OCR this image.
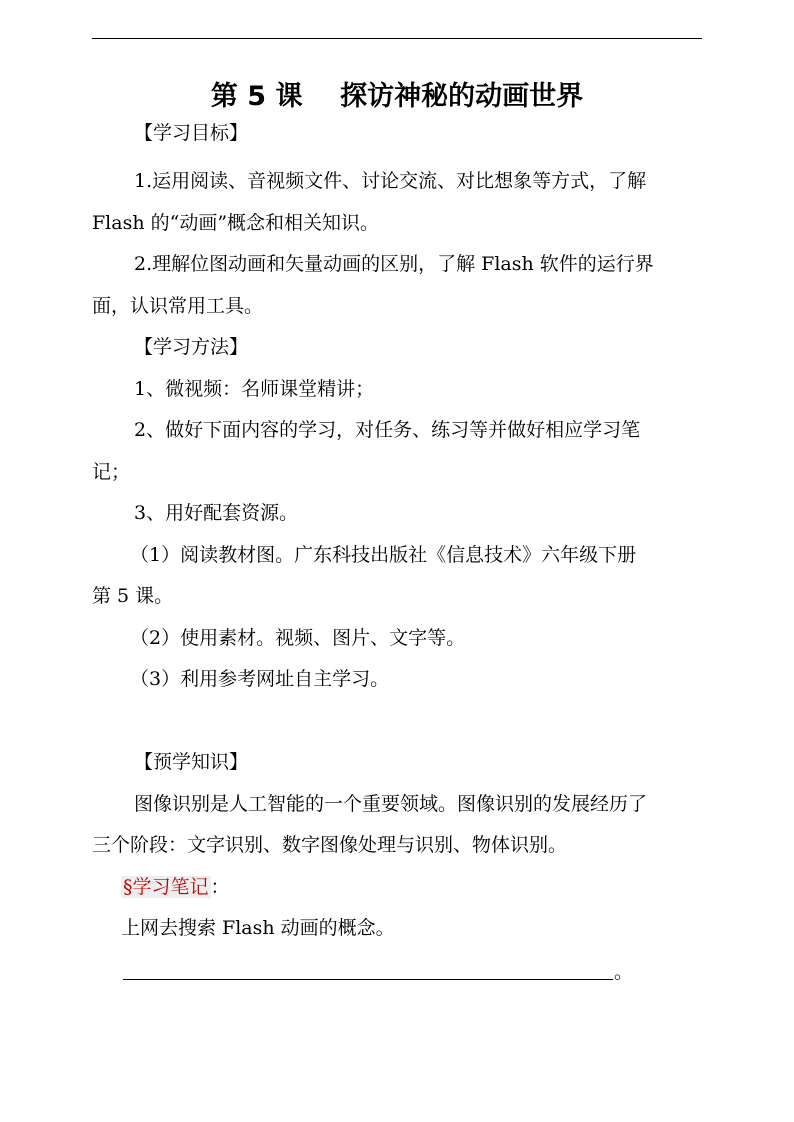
第 5 课    探访神秘的动画世界
【学习目标】
1.运用阅读、音视频文件、讨论交流、对比想象等方式，了解
Flash 的“动画”概念和相关知识。
2.理解位图动画和矢量动画的区别，了解 Flash 软件的运行界
面，认识常用工具。
【学习方法】
1、微视频：名师课堂精讲；
2、做好下面内容的学习，对任务、练习等并做好相应学习笔
记；
3、用好配套资源。
（1）阅读教材图。广东科技出版社《信息技术》六年级下册
第 5 课。
（2）使用素材。视频、图片、文字等。
（3）利用参考网址自主学习。
【预学知识】
图像识别是人工智能的一个重要领域。图像识别的发展经历了
三个阶段：文字识别、数字图像处理与识别、物体识别。
§学习笔记 ：
上网去搜索 Flash 动画的概念。
。
